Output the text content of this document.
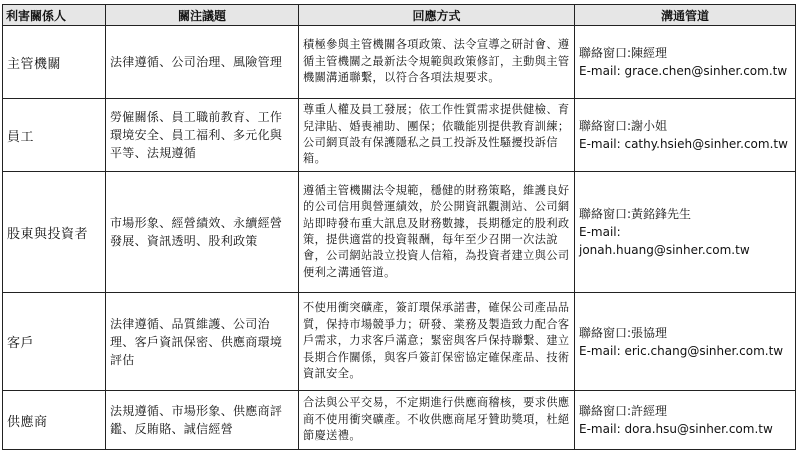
利害關係人	關注議題	回應方式	溝通管道
主管機關	法律遵循、公司治理、風險管理	積極參與主管機關各項政策、法令宣導之研討會、遵循主管機關之最新法令規範與政策修訂，主動與主管機關溝通聯繫，以符合各項法規要求。	聯絡窗口:陳經理
E-mail: grace.chen@sinher.com.tw

員工	勞僱關係、員工職前教育、工作環境安全、員工福利、多元化與平等、法規遵循	尊重人權及員工發展；依工作性質需求提供健檢、育兒津貼、婚喪補助、團保；依職能別提供教育訓練；公司網頁設有保護隱私之員工投訴及性騷擾投訴信箱。	聯絡窗口:謝小姐
E-mail: cathy.hsieh@sinher.com.tw

股東與投資者	市場形象、經營績效、永續經營發展、資訊透明、股利政策	遵循主管機關法令規範，穩健的財務策略，維護良好的公司信用與營運績效，於公開資訊觀測站、公司網站即時發布重大訊息及財務數據，長期穩定的股利政策，提供適當的投資報酬，每年至少召開一次法說會，公司網站設立投資人信箱，為投資者建立與公司便利之溝通管道。	聯絡窗口:黃銘鋒先生
E-mail: jonah.huang@sinher.com.tw

客戶	法律遵循、品質維護、公司治理、客戶資訊保密、供應商環境評估	不使用衝突礦產，簽訂環保承諾書，確保公司產品品質，保持市場競爭力；研發、業務及製造致力配合客戶需求，力求客戶滿意；緊密與客戶保持聯繫、建立長期合作關係，與客戶簽訂保密協定確保產品、技術資訊安全。	聯絡窗口:張協理
E-mail: eric.chang@sinher.com.tw

供應商	法規遵循、市場形象、供應商評鑑、反賄賂、誠信經營	合法與公平交易，不定期進行供應商稽核，要求供應商不使用衝突礦產。不收供應商尾牙贊助獎項，杜絕節慶送禮。	聯絡窗口:許經理
E-mail: dora.hsu@sinher.com.tw
